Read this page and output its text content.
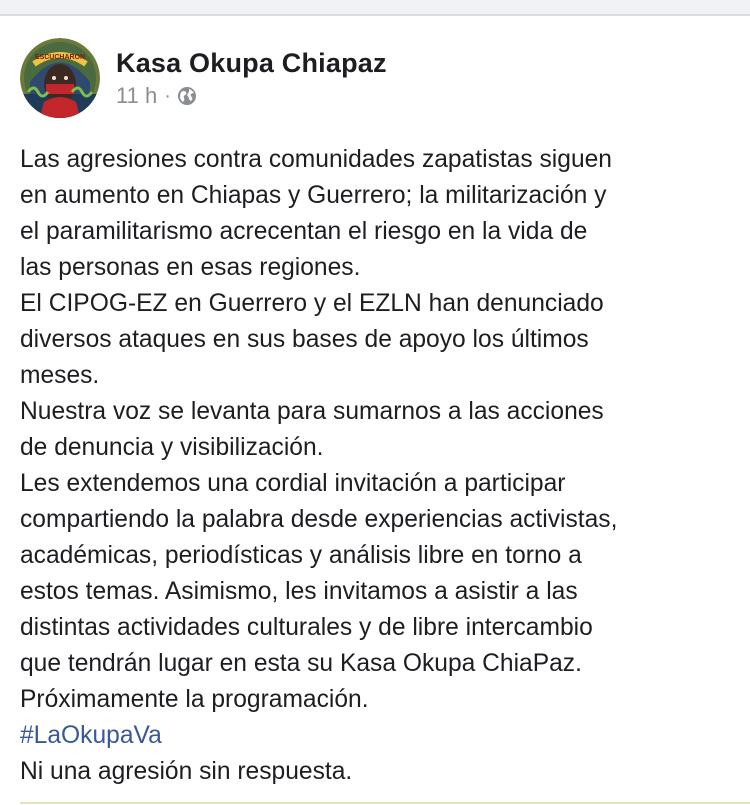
ESCUCHARON Kasa Okupa Chiapaz
11 h ·

Las agresiones contra comunidades zapatistas siguen
en aumento en Chiapas y Guerrero; la militarización y
el paramilitarismo acrecentan el riesgo en la vida de
las personas en esas regiones.

El CIPOG-EZ en Guerrero y el EZLN han denunciado
diversos ataques en sus bases de apoyo los últimos
meses.

Nuestra voz se levanta para sumarnos a las acciones
de denuncia y visibilización.

Les extendemos una cordial invitación a participar
compartiendo la palabra desde experiencias activistas,
académicas, periodísticas y análisis libre en torno a
estos temas. Asimismo, les invitamos a asistir a las
distintas actividades culturales y de libre intercambio
que tendrán lugar en esta su Kasa Okupa ChiaPaz.

Próximamente la programación.

#LaOkupaVa

Ni una agresión sin respuesta.
